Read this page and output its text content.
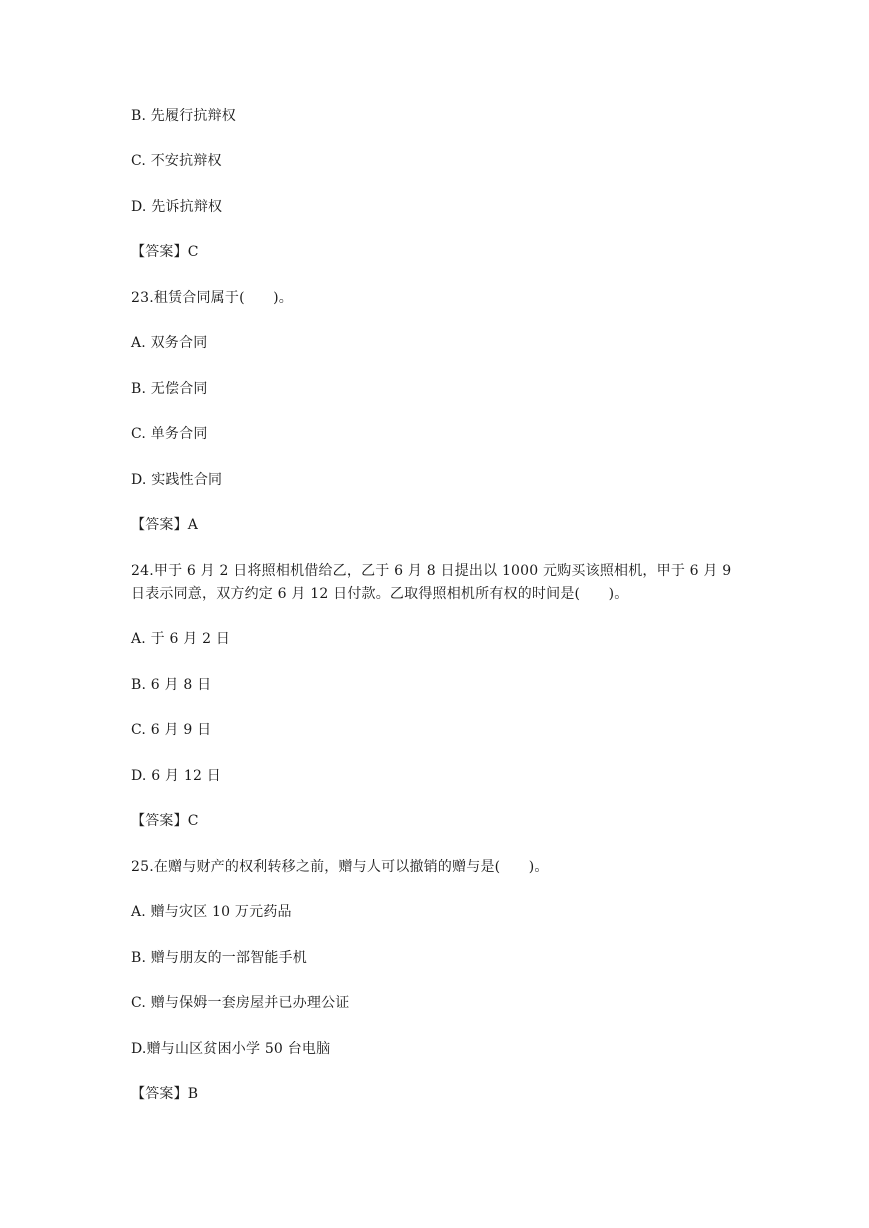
B. 先履行抗辩权
C. 不安抗辩权
D. 先诉抗辩权
【答案】C
23.租赁合同属于(　　)。
A. 双务合同
B. 无偿合同
C. 单务合同
D. 实践性合同
【答案】A
24.甲于 6 月 2 日将照相机借给乙，乙于 6 月 8 日提出以 1000 元购买该照相机，甲于 6 月 9
日表示同意，双方约定 6 月 12 日付款。乙取得照相机所有权的时间是(　　)。
A. 于 6 月 2 日
B. 6 月 8 日
C. 6 月 9 日
D. 6 月 12 日
【答案】C
25.在赠与财产的权利转移之前，赠与人可以撤销的赠与是(　　)。
A. 赠与灾区 10 万元药品
B. 赠与朋友的一部智能手机
C. 赠与保姆一套房屋并已办理公证
D.赠与山区贫困小学 50 台电脑
【答案】B
